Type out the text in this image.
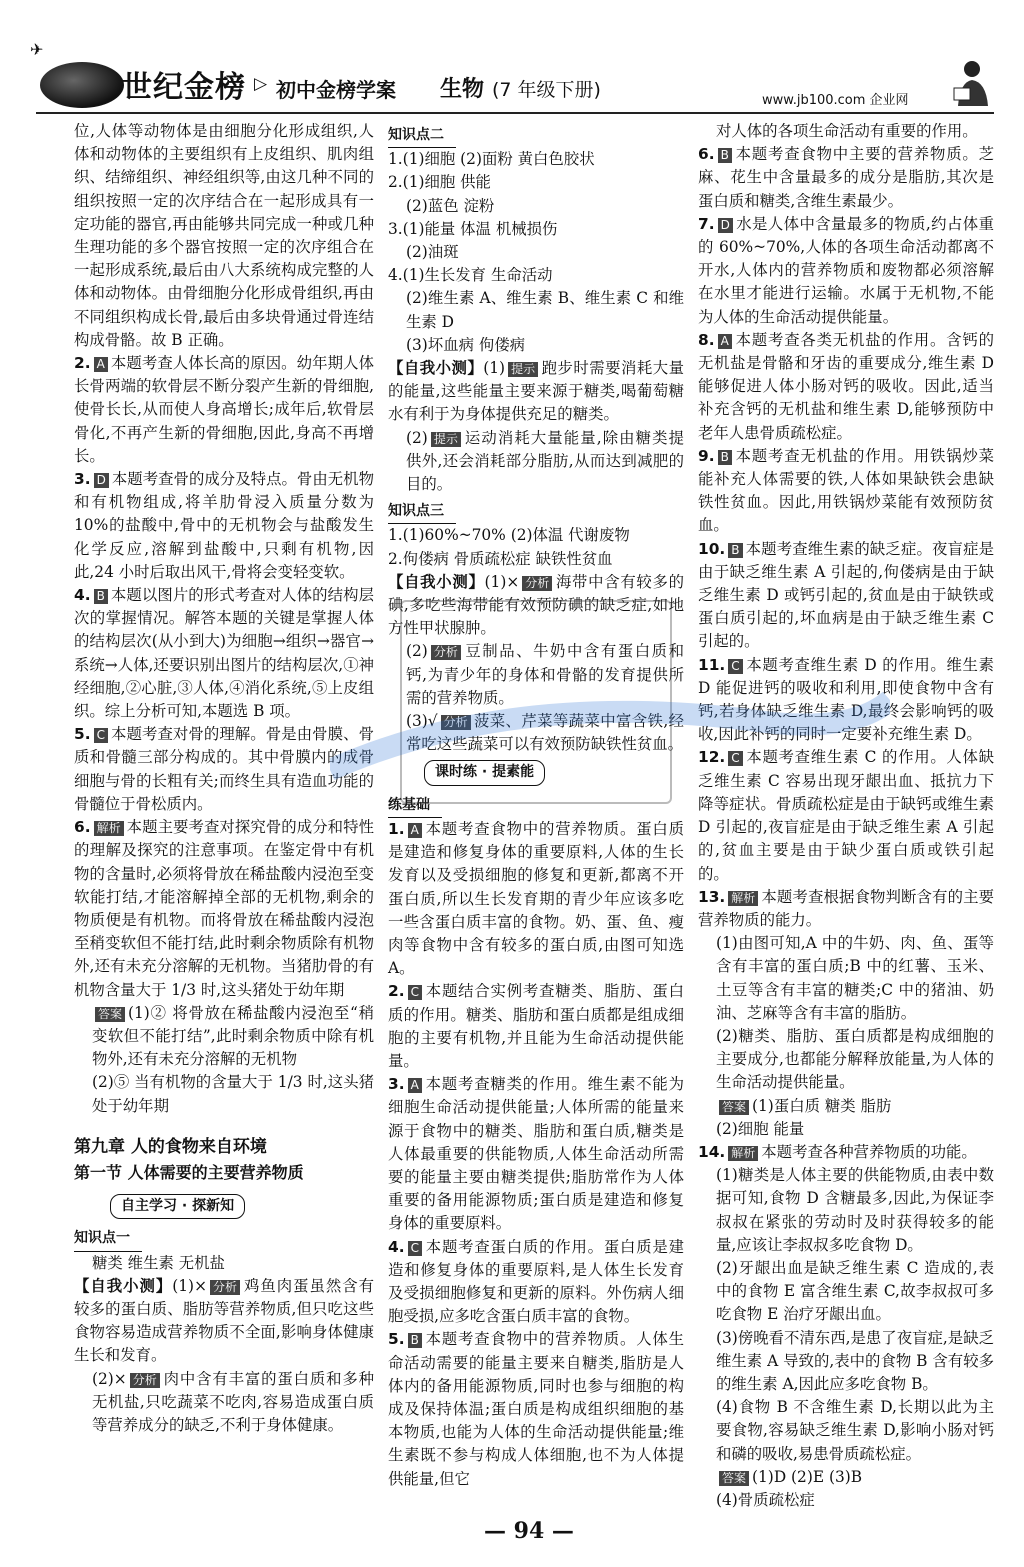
✈
世纪金榜 ▷ 初中金榜学案 生物 (7 年级下册)	www.jb100.com 企业网

位,人体等动物体是由细胞分化形成组织,人体和动物体的主要组织有上皮组织、肌肉组织、结缔组织、神经组织等,由这几种不同的组织按照一定的次序结合在一起形成具有一定功能的器官,再由能够共同完成一种或几种生理功能的多个器官按照一定的次序组合在一起形成系统,最后由八大系统构成完整的人体和动物体。由骨细胞分化形成骨组织,再由不同组织构成长骨,最后由多块骨通过骨连结构成骨骼。故 B 正确。

2. A 本题考查人体长高的原因。幼年期人体长骨两端的软骨层不断分裂产生新的骨细胞,使骨长长,从而使人身高增长;成年后,软骨层骨化,不再产生新的骨细胞,因此,身高不再增长。

3. D 本题考查骨的成分及特点。骨由无机物和有机物组成,将羊肋骨浸入质量分数为 10%的盐酸中,骨中的无机物会与盐酸发生化学反应,溶解到盐酸中,只剩有机物,因此,24 小时后取出风干,骨将会变轻变软。

4. B 本题以图片的形式考查对人体的结构层次的掌握情况。解答本题的关键是掌握人体的结构层次(从小到大)为细胞→组织→器官→系统→人体,还要识别出图片的结构层次,①神经细胞,②心脏,③人体,④消化系统,⑤上皮组织。综上分析可知,本题选 B 项。

5. C 本题考查对骨的理解。骨是由骨膜、骨质和骨髓三部分构成的。其中骨膜内的成骨细胞与骨的长粗有关;而终生具有造血功能的骨髓位于骨松质内。

6. 解析 本题主要考查对探究骨的成分和特性的理解及探究的注意事项。在鉴定骨中有机物的含量时,必须将骨放在稀盐酸内浸泡至变软能打结,才能溶解掉全部的无机物,剩余的物质便是有机物。而将骨放在稀盐酸内浸泡至稍变软但不能打结,此时剩余物质除有机物外,还有未充分溶解的无机物。当猪肋骨的有机物含量大于 1/3 时,这头猪处于幼年期

答案 (1)② 将骨放在稀盐酸内浸泡至“稍变软但不能打结”,此时剩余物质中除有机物外,还有未充分溶解的无机物

(2)⑤ 当有机物的含量大于 1/3 时,这头猪处于幼年期

第九章 人的食物来自环境

第一节 人体需要的主要营养物质

自主学习 · 探新知
知识点一

糖类 维生素 无机盐

【自我小测】(1)× 分析 鸡鱼肉蛋虽然含有较多的蛋白质、脂肪等营养物质,但只吃这些食物容易造成营养物质不全面,影响身体健康生长和发育。

(2)× 分析 肉中含有丰富的蛋白质和多种无机盐,只吃蔬菜不吃肉,容易造成蛋白质等营养成分的缺乏,不利于身体健康。

知识点二

1.(1)细胞 (2)面粉 黄白色胶状

2.(1)细胞 供能

(2)蓝色 淀粉

3.(1)能量 体温 机械损伤

(2)油斑

4.(1)生长发育 生命活动

(2)维生素 A、维生素 B、维生素 C 和维生素 D

(3)坏血病 佝偻病

【自我小测】(1) 提示 跑步时需要消耗大量的能量,这些能量主要来源于糖类,喝葡萄糖水有利于为身体提供充足的糖类。

(2) 提示 运动消耗大量能量,除由糖类提供外,还会消耗部分脂肪,从而达到减肥的目的。

知识点三

1.(1)60%~70% (2)体温 代谢废物

2.佝偻病 骨质疏松症 缺铁性贫血

【自我小测】(1)× 分析 海带中含有较多的碘,多吃些海带能有效预防碘的缺乏症,如地方性甲状腺肿。

(2) 分析 豆制品、牛奶中含有蛋白质和钙,为青少年的身体和骨骼的发育提供所需的营养物质。

(3)√ 分析 菠菜、芹菜等蔬菜中富含铁,经常吃这些蔬菜可以有效预防缺铁性贫血。

课时练 · 提素能
练基础

1. A 本题考查食物中的营养物质。蛋白质是建造和修复身体的重要原料,人体的生长发育以及受损细胞的修复和更新,都离不开蛋白质,所以生长发育期的青少年应该多吃一些含蛋白质丰富的食物。奶、蛋、鱼、瘦肉等食物中含有较多的蛋白质,由图可知选 A。

2. C 本题结合实例考查糖类、脂肪、蛋白质的作用。糖类、脂肪和蛋白质都是组成细胞的主要有机物,并且能为生命活动提供能量。

3. A 本题考查糖类的作用。维生素不能为细胞生命活动提供能量;人体所需的能量来源于食物中的糖类、脂肪和蛋白质,糖类是人体最重要的供能物质,人体生命活动所需要的能量主要由糖类提供;脂肪常作为人体重要的备用能源物质;蛋白质是建造和修复身体的重要原料。

4. C 本题考查蛋白质的作用。蛋白质是建造和修复身体的重要原料,是人体生长发育及受损细胞修复和更新的原料。外伤病人细胞受损,应多吃含蛋白质丰富的食物。

5. B 本题考查食物中的营养物质。人体生命活动需要的能量主要来自糖类,脂肪是人体内的备用能源物质,同时也参与细胞的构成及保持体温;蛋白质是构成组织细胞的基本物质,也能为人体的生命活动提供能量;维生素既不参与构成人体细胞,也不为人体提供能量,但它

对人体的各项生命活动有重要的作用。

6. B 本题考查食物中主要的营养物质。芝麻、花生中含量最多的成分是脂肪,其次是蛋白质和糖类,含维生素最少。

7. D 水是人体中含量最多的物质,约占体重的 60%~70%,人体的各项生命活动都离不开水,人体内的营养物质和废物都必须溶解在水里才能进行运输。水属于无机物,不能为人体的生命活动提供能量。

8. A 本题考查各类无机盐的作用。含钙的无机盐是骨骼和牙齿的重要成分,维生素 D 能够促进人体小肠对钙的吸收。因此,适当补充含钙的无机盐和维生素 D,能够预防中老年人患骨质疏松症。

9. B 本题考查无机盐的作用。用铁锅炒菜能补充人体需要的铁,人体如果缺铁会患缺铁性贫血。因此,用铁锅炒菜能有效预防贫血。

10. B 本题考查维生素的缺乏症。夜盲症是由于缺乏维生素 A 引起的,佝偻病是由于缺乏维生素 D 或钙引起的,贫血是由于缺铁或蛋白质引起的,坏血病是由于缺乏维生素 C 引起的。

11. C 本题考查维生素 D 的作用。维生素 D 能促进钙的吸收和利用,即使食物中含有钙,若身体缺乏维生素 D,最终会影响钙的吸收,因此补钙的同时一定要补充维生素 D。

12. C 本题考查维生素 C 的作用。人体缺乏维生素 C 容易出现牙龈出血、抵抗力下降等症状。骨质疏松症是由于缺钙或维生素 D 引起的,夜盲症是由于缺乏维生素 A 引起的,贫血主要是由于缺少蛋白质或铁引起的。

13. 解析 本题考查根据食物判断含有的主要营养物质的能力。

(1)由图可知,A 中的牛奶、肉、鱼、蛋等含有丰富的蛋白质;B 中的红薯、玉米、土豆等含有丰富的糖类;C 中的猪油、奶油、芝麻等含有丰富的脂肪。

(2)糖类、脂肪、蛋白质都是构成细胞的主要成分,也都能分解释放能量,为人体的生命活动提供能量。

答案 (1)蛋白质 糖类 脂肪

(2)细胞 能量

14. 解析 本题考查各种营养物质的功能。

(1)糖类是人体主要的供能物质,由表中数据可知,食物 D 含糖最多,因此,为保证李叔叔在紧张的劳动时及时获得较多的能量,应该让李叔叔多吃食物 D。

(2)牙龈出血是缺乏维生素 C 造成的,表中的食物 E 富含维生素 C,故李叔叔可多吃食物 E 治疗牙龈出血。

(3)傍晚看不清东西,是患了夜盲症,是缺乏维生素 A 导致的,表中的食物 B 含有较多的维生素 A,因此应多吃食物 B。

(4)食物 B 不含维生素 D,长期以此为主要食物,容易缺乏维生素 D,影响小肠对钙和磷的吸收,易患骨质疏松症。

答案 (1)D (2)E (3)B

(4)骨质疏松症

— 94 —
